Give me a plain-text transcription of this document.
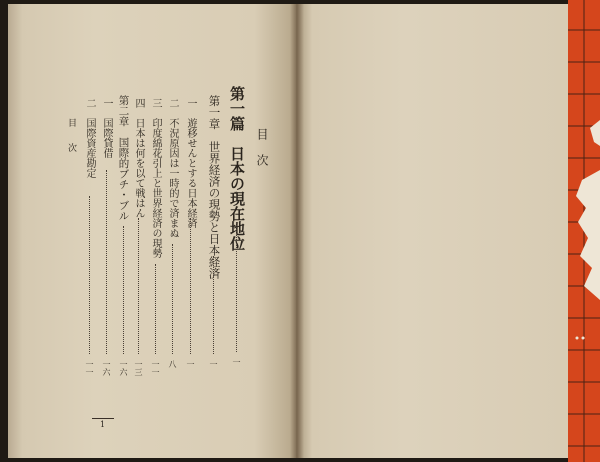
目次
第一篇　日本の現在地位
一
第一章　世界経済の現勢と日本経済
一
一　遊移せんとする日本経済
一
二　不況原因は一時的で済まぬ
八
三　印度綿花引上と世界経済の現勢
一一
四　日本は何を以て戦はん
一三
第二章　国際的ブチ・ブル
一六
一　国際貸借
一六
二　国際資産勘定
一一
目次
1
